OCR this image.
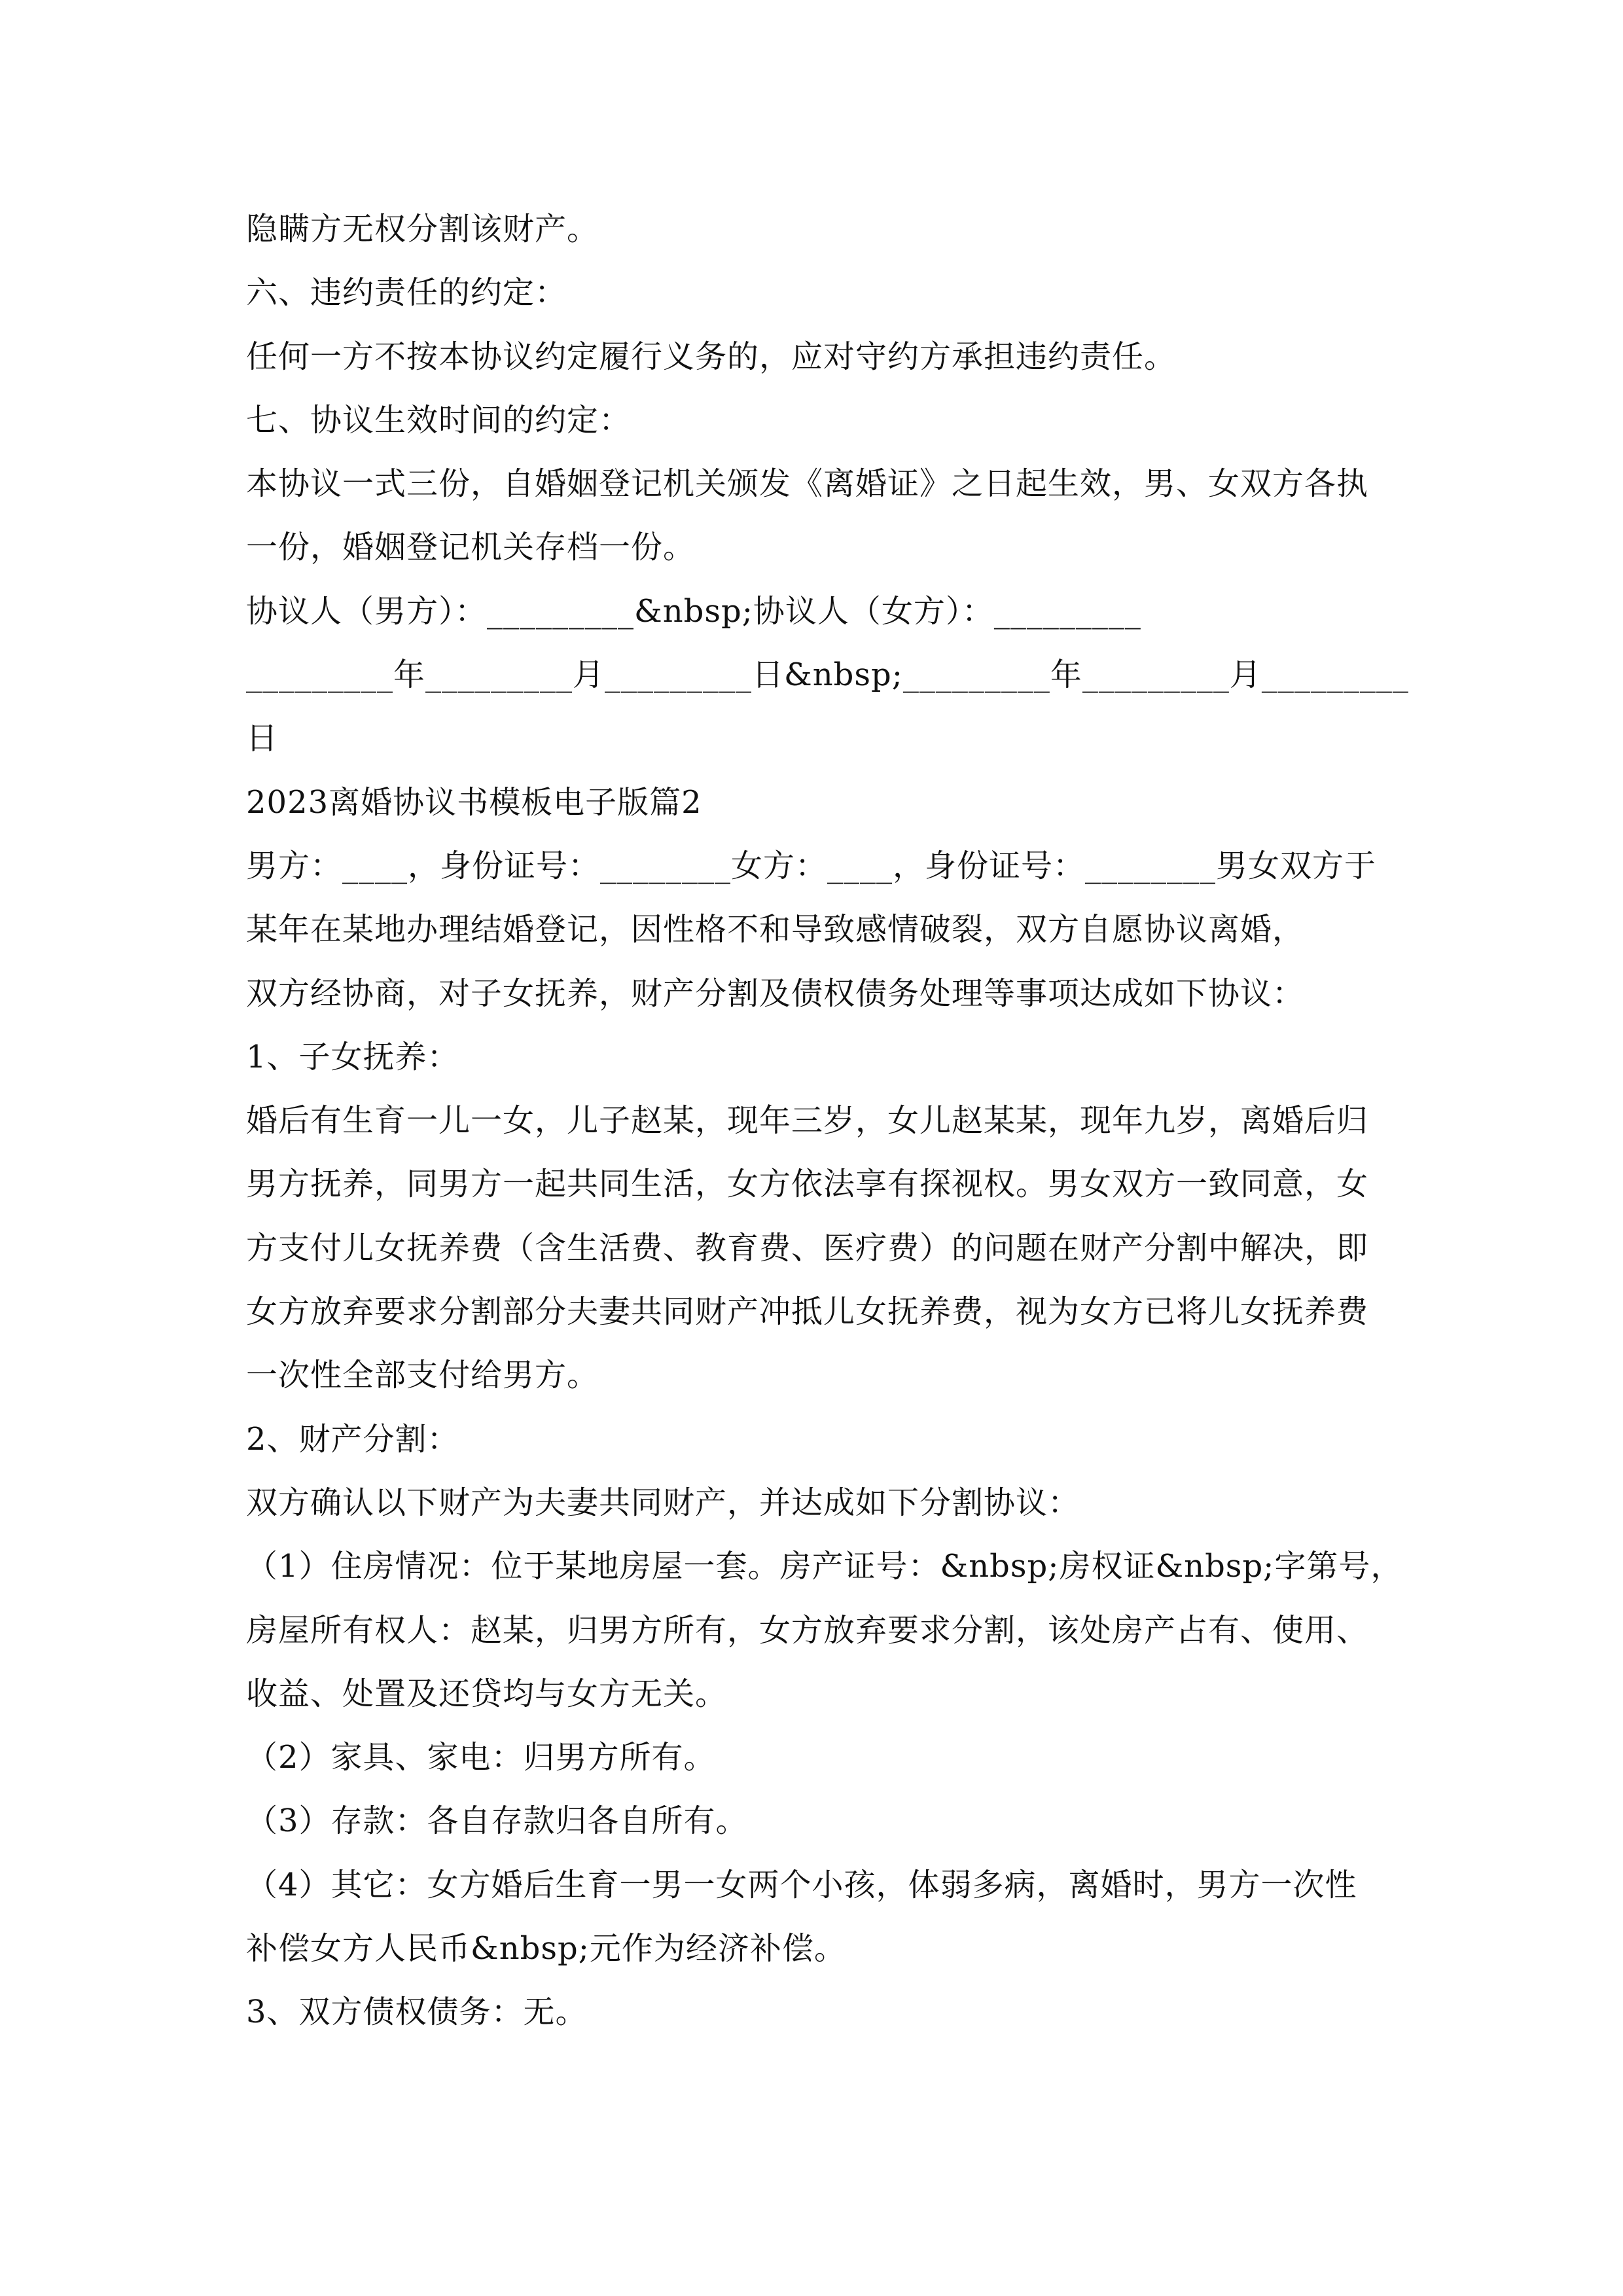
隐瞒方无权分割该财产。
六、违约责任的约定：
任何一方不按本协议约定履行义务的，应对守约方承担违约责任。
七、协议生效时间的约定：
本协议一式三份，自婚姻登记机关颁发《离婚证》之日起生效，男、女双方各执
一份，婚姻登记机关存档一份。
协议人（男方）：_________&nbsp;协议人（女方）：_________
_________年_________月_________日&nbsp;_________年_________月_________
日
2023离婚协议书模板电子版篇2
男方：____，身份证号：________女方：____，身份证号：________男女双方于
某年在某地办理结婚登记，因性格不和导致感情破裂，双方自愿协议离婚，
双方经协商，对子女抚养，财产分割及债权债务处理等事项达成如下协议：
1、子女抚养：
婚后有生育一儿一女，儿子赵某，现年三岁，女儿赵某某，现年九岁，离婚后归
男方抚养，同男方一起共同生活，女方依法享有探视权。男女双方一致同意，女
方支付儿女抚养费（含生活费、教育费、医疗费）的问题在财产分割中解决，即
女方放弃要求分割部分夫妻共同财产冲抵儿女抚养费，视为女方已将儿女抚养费
一次性全部支付给男方。
2、财产分割：
双方确认以下财产为夫妻共同财产，并达成如下分割协议：
（1）住房情况：位于某地房屋一套。房产证号：&nbsp;房权证&nbsp;字第号，
房屋所有权人：赵某，归男方所有，女方放弃要求分割，该处房产占有、使用、
收益、处置及还贷均与女方无关。
（2）家具、家电：归男方所有。
（3）存款：各自存款归各自所有。
（4）其它：女方婚后生育一男一女两个小孩，体弱多病，离婚时，男方一次性
补偿女方人民币&nbsp;元作为经济补偿。
3、双方债权债务：无。
